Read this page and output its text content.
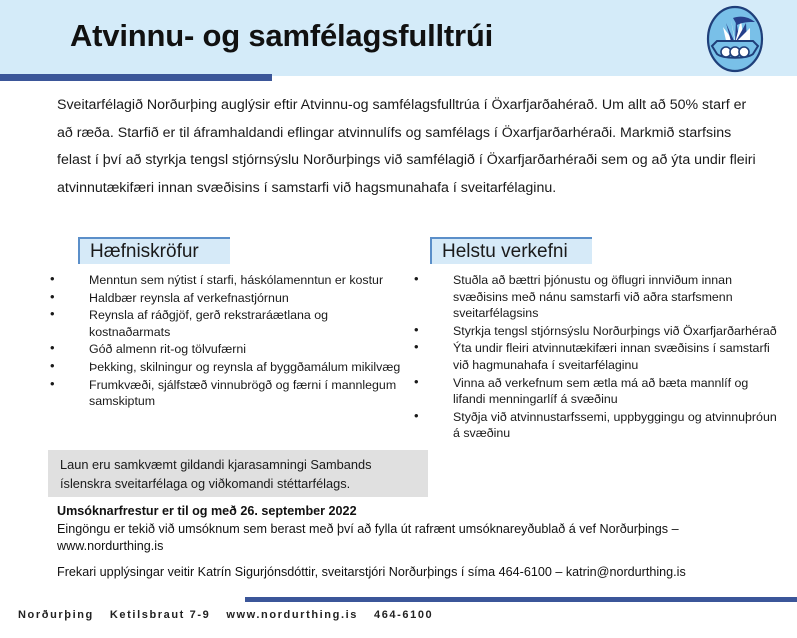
Atvinnu- og samfélagsfulltrúi
Sveitarfélagið Norðurþing auglýsir eftir Atvinnu-og samfélagsfulltrúa í Öxarfjarðahérað. Um allt að 50% starf er að ræða. Starfið er til áframhaldandi eflingar atvinnulífs og samfélags í Öxarfjarðarhéraði. Markmið starfsins felast í því að styrkja tengsl stjórnsýslu Norðurþings við samfélagið í Öxarfjarðarhéraði sem og að ýta undir fleiri atvinnutækifæri innan svæðisins í samstarfi við hagsmunahafa í sveitarfélaginu.
Hæfniskröfur	Helstu verkefni
• Menntun sem nýtist í starfi, háskólamenntun er kostur
• Haldbær reynsla af verkefnastjórnun
• Reynsla af ráðgjöf, gerð rekstraráætlana og kostnaðarmats
• Góð almenn rit-og tölvufærni
• Þekking, skilningur og reynsla af byggðamálum mikilvæg
• Frumkvæði, sjálfstæð vinnubrögð og færni í mannlegum samskiptum
• Stuðla að bættri þjónustu og öflugri innviðum innan svæðisins með nánu samstarfi við aðra starfsmenn sveitarfélagsins
• Styrkja tengsl stjórnsýslu Norðurþings við Öxarfjarðarhérað
• Ýta undir fleiri atvinnutækifæri innan svæðisins í samstarfi við hagmunahafa í sveitarfélaginu
• Vinna að verkefnum sem ætla má að bæta mannlíf og lifandi menningarlíf á svæðinu
• Styðja við atvinnustarfssemi, uppbyggingu og atvinnuþróun á svæðinu
Laun eru samkvæmt gildandi kjarasamningi Sambands íslenskra sveitarfélaga og viðkomandi stéttarfélags.
Umsóknarfrestur er til og með 26. september 2022
Eingöngu er tekið við umsóknum sem berast með því að fylla út rafrænt umsóknareyðublað á vef Norðurþings – www.nordurthing.is
Frekari upplýsingar veitir Katrín Sigurjónsdóttir, sveitarstjóri Norðurþings í síma 464-6100 – katrin@nordurthing.is
Norðurþing Ketilsbraut 7-9 www.nordurthing.is 464-6100
